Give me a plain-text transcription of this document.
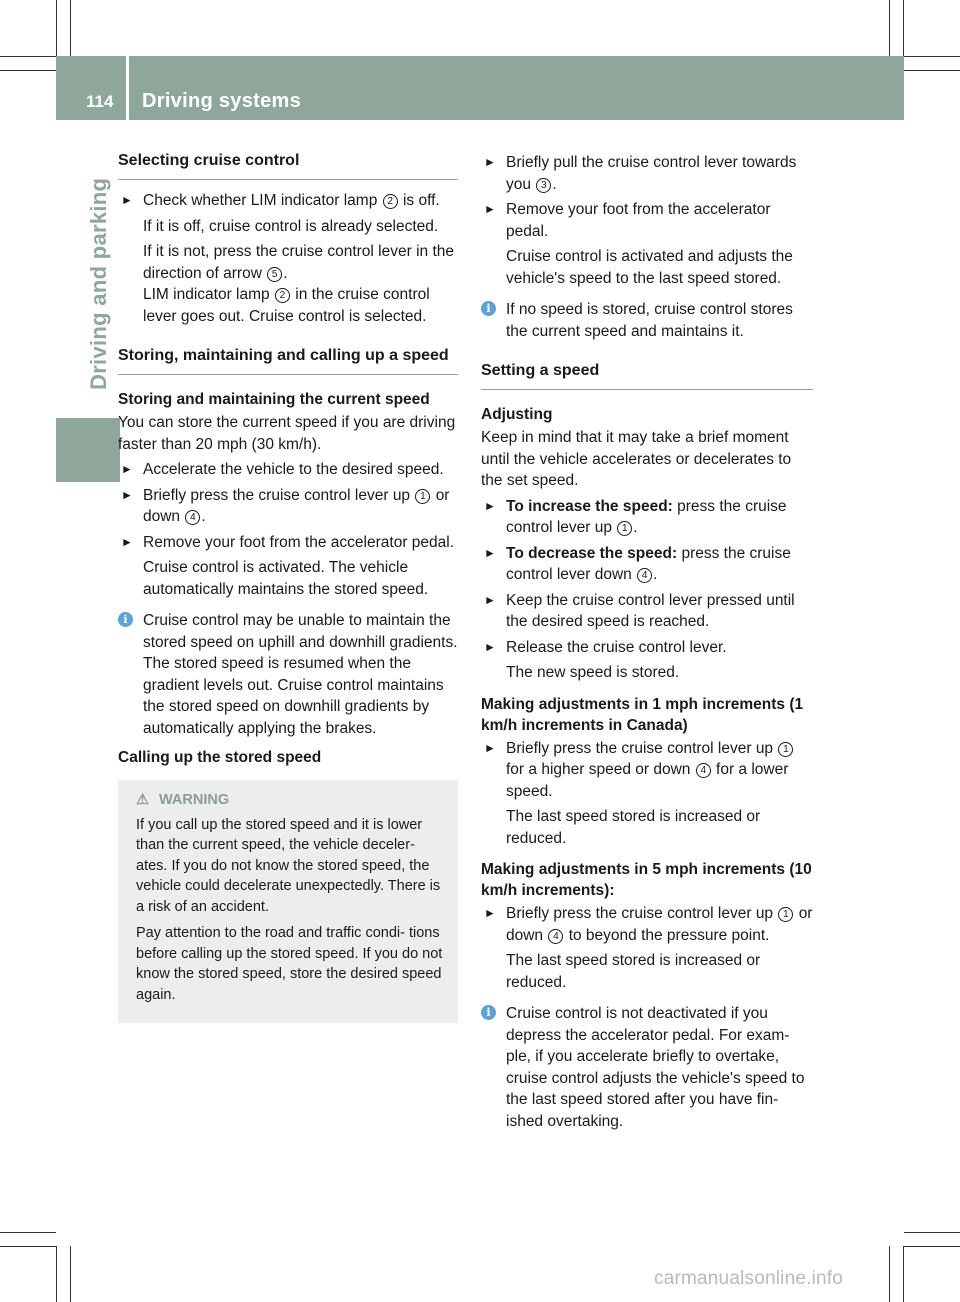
114 Driving systems
Driving and parking
Selecting cruise control
► Check whether LIM indicator lamp 2 is off.
If it is off, cruise control is already selected.
If it is not, press the cruise control lever in the direction of arrow 5 .
LIM indicator lamp 2 in the cruise control lever goes out. Cruise control is selected.
Storing, maintaining and calling up a speed
Storing and maintaining the current speed
You can store the current speed if you are driving faster than 20 mph (30 km/h).
► Accelerate the vehicle to the desired speed.
► Briefly press the cruise control lever up 1 or down 4 .
► Remove your foot from the accelerator pedal.
Cruise control is activated. The vehicle automatically maintains the stored speed.
i Cruise control may be unable to maintain the stored speed on uphill and downhill gradients. The stored speed is resumed when the gradient levels out. Cruise control maintains the stored speed on downhill gradients by automatically applying the brakes.
Calling up the stored speed
⚠ WARNING

If you call up the stored speed and it is lower than the current speed, the vehicle deceler- ates. If you do not know the stored speed, the vehicle could decelerate unexpectedly. There is a risk of an accident.

Pay attention to the road and traffic condi- tions before calling up the stored speed. If you do not know the stored speed, store the desired speed again.

► Briefly pull the cruise control lever towards you 3 .
► Remove your foot from the accelerator pedal.
Cruise control is activated and adjusts the vehicle's speed to the last speed stored.
i If no speed is stored, cruise control stores the current speed and maintains it.
Setting a speed
Adjusting
Keep in mind that it may take a brief moment until the vehicle accelerates or decelerates to the set speed.
► To increase the speed: press the cruise control lever up 1 .
► To decrease the speed: press the cruise control lever down 4 .
► Keep the cruise control lever pressed until the desired speed is reached.
► Release the cruise control lever.
The new speed is stored.
Making adjustments in 1 mph increments (1 km/h increments in Canada)
► Briefly press the cruise control lever up 1 for a higher speed or down 4 for a lower speed.
The last speed stored is increased or reduced.
Making adjustments in 5 mph increments (10 km/h increments):
► Briefly press the cruise control lever up 1 or down 4 to beyond the pressure point.
The last speed stored is increased or reduced.
i Cruise control is not deactivated if you depress the accelerator pedal. For exam- ple, if you accelerate briefly to overtake, cruise control adjusts the vehicle's speed to the last speed stored after you have fin- ished overtaking.
carmanualsonline.info
